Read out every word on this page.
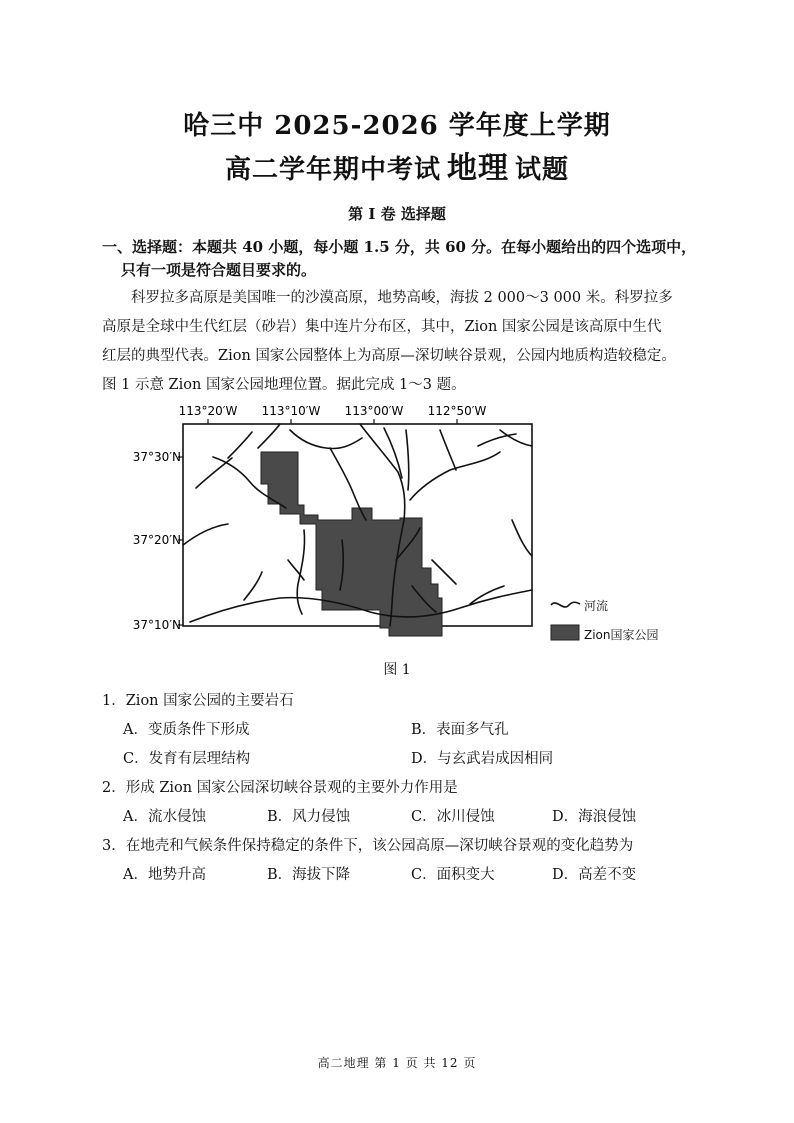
哈三中 2025-2026 学年度上学期
高二学年期中考试 地理 试题
第 I 卷 选择题
一、选择题：本题共 40 小题，每小题 1.5 分，共 60 分。在每小题给出的四个选项中，
只有一项是符合题目要求的。
科罗拉多高原是美国唯一的沙漠高原，地势高峻，海拔 2 000～3 000 米。科罗拉多
高原是全球中生代红层（砂岩）集中连片分布区，其中，Zion 国家公园是该高原中生代
红层的典型代表。Zion 国家公园整体上为高原—深切峡谷景观，公园内地质构造较稳定。
图 1 示意 Zion 国家公园地理位置。据此完成 1～3 题。
113°20′W 113°10′W 113°00′W 112°50′W
37°30′N
37°20′N
37°10′N
河流
Zion国家公园
图 1
1．Zion 国家公园的主要岩石
A．变质条件下形成	B．表面多气孔
C．发育有层理结构	D．与玄武岩成因相同
2．形成 Zion 国家公园深切峡谷景观的主要外力作用是
A．流水侵蚀	B．风力侵蚀	C．冰川侵蚀	D．海浪侵蚀
3．在地壳和气候条件保持稳定的条件下，该公园高原—深切峡谷景观的变化趋势为
A．地势升高	B．海拔下降	C．面积变大	D．高差不变
高二地理 第 1 页 共 12 页
